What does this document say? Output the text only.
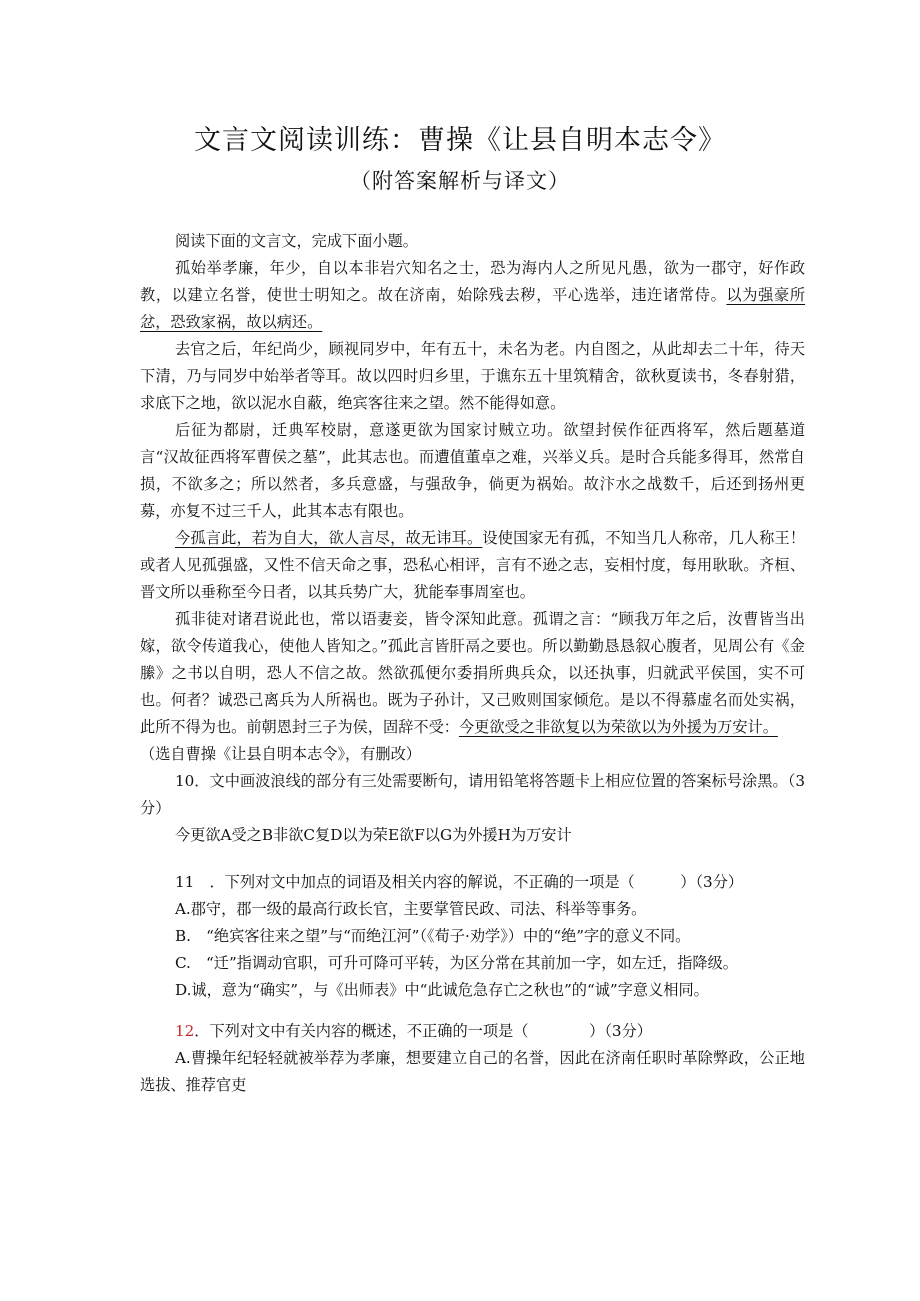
文言文阅读训练：曹操《让县自明本志令》
（附答案解析与译文）

阅读下面的文言文，完成下面小题。

孤始举孝廉，年少，自以本非岩穴知名之士，恐为海内人之所见凡愚，欲为一郡守，好作政教，以建立名誉，使世士明知之。故在济南，始除残去秽，平心选举，违迕诸常侍。以为强豪所忿，恐致家祸，故以病还。

去官之后，年纪尚少，顾视同岁中，年有五十，未名为老。内自图之，从此却去二十年，待天下清，乃与同岁中始举者等耳。故以四时归乡里，于谯东五十里筑精舍，欲秋夏读书，冬春射猎，求底下之地，欲以泥水自蔽，绝宾客往来之望。然不能得如意。

后征为都尉，迁典军校尉，意遂更欲为国家讨贼立功。欲望封侯作征西将军，然后题墓道言“汉故征西将军曹侯之墓”，此其志也。而遭值董卓之难，兴举义兵。是时合兵能多得耳，然常自损，不欲多之；所以然者，多兵意盛，与强敌争，倘更为祸始。故汴水之战数千，后还到扬州更募，亦复不过三千人，此其本志有限也。

今孤言此，若为自大，欲人言尽，故无讳耳。设使国家无有孤，不知当几人称帝，几人称王！或者人见孤强盛，又性不信天命之事，恐私心相评，言有不逊之志，妄相忖度，每用耿耿。齐桓、晋文所以垂称至今日者，以其兵势广大，犹能奉事周室也。

孤非徒对诸君说此也，常以语妻妾，皆令深知此意。孤谓之言：“顾我万年之后，汝曹皆当出嫁，欲令传道我心，使他人皆知之。”孤此言皆肝鬲之要也。所以勤勤恳恳叙心腹者，见周公有《金縢》之书以自明，恐人不信之故。然欲孤便尔委捐所典兵众，以还执事，归就武平侯国，实不可也。何者？诚恐己离兵为人所祸也。既为子孙计，又己败则国家倾危。是以不得慕虚名而处实祸，此所不得为也。前朝恩封三子为侯，固辞不受：今更欲受之非欲复以为荣欲以为外援为万安计。

（选自曹操《让县自明本志令》，有删改）

10．文中画波浪线的部分有三处需要断句，请用铅笔将答题卡上相应位置的答案标号涂黑。（3分）

今更欲A受之B非欲C复D以为荣E欲F以G为外援H为万安计

11　 ．下列对文中加点的词语及相关内容的解说，不正确的一项是（　　　）（3分）

A.郡守，郡一级的最高行政长官，主要掌管民政、司法、科举等事务。

B.　“绝宾客往来之望”与“而绝江河”（《荀子·劝学》）中的“绝”字的意义不同。

C.　“迁”指调动官职，可升可降可平转，为区分常在其前加一字，如左迁，指降级。

D.诚，意为“确实”，与《出师表》中“此诚危急存亡之秋也”的“诚”字意义相同。

12．下列对文中有关内容的概述，不正确的一项是（　　　　）（3分）

A.曹操年纪轻轻就被举荐为孝廉，想要建立自己的名誉，因此在济南任职时革除弊政，公正地选拔、推荐官吏
